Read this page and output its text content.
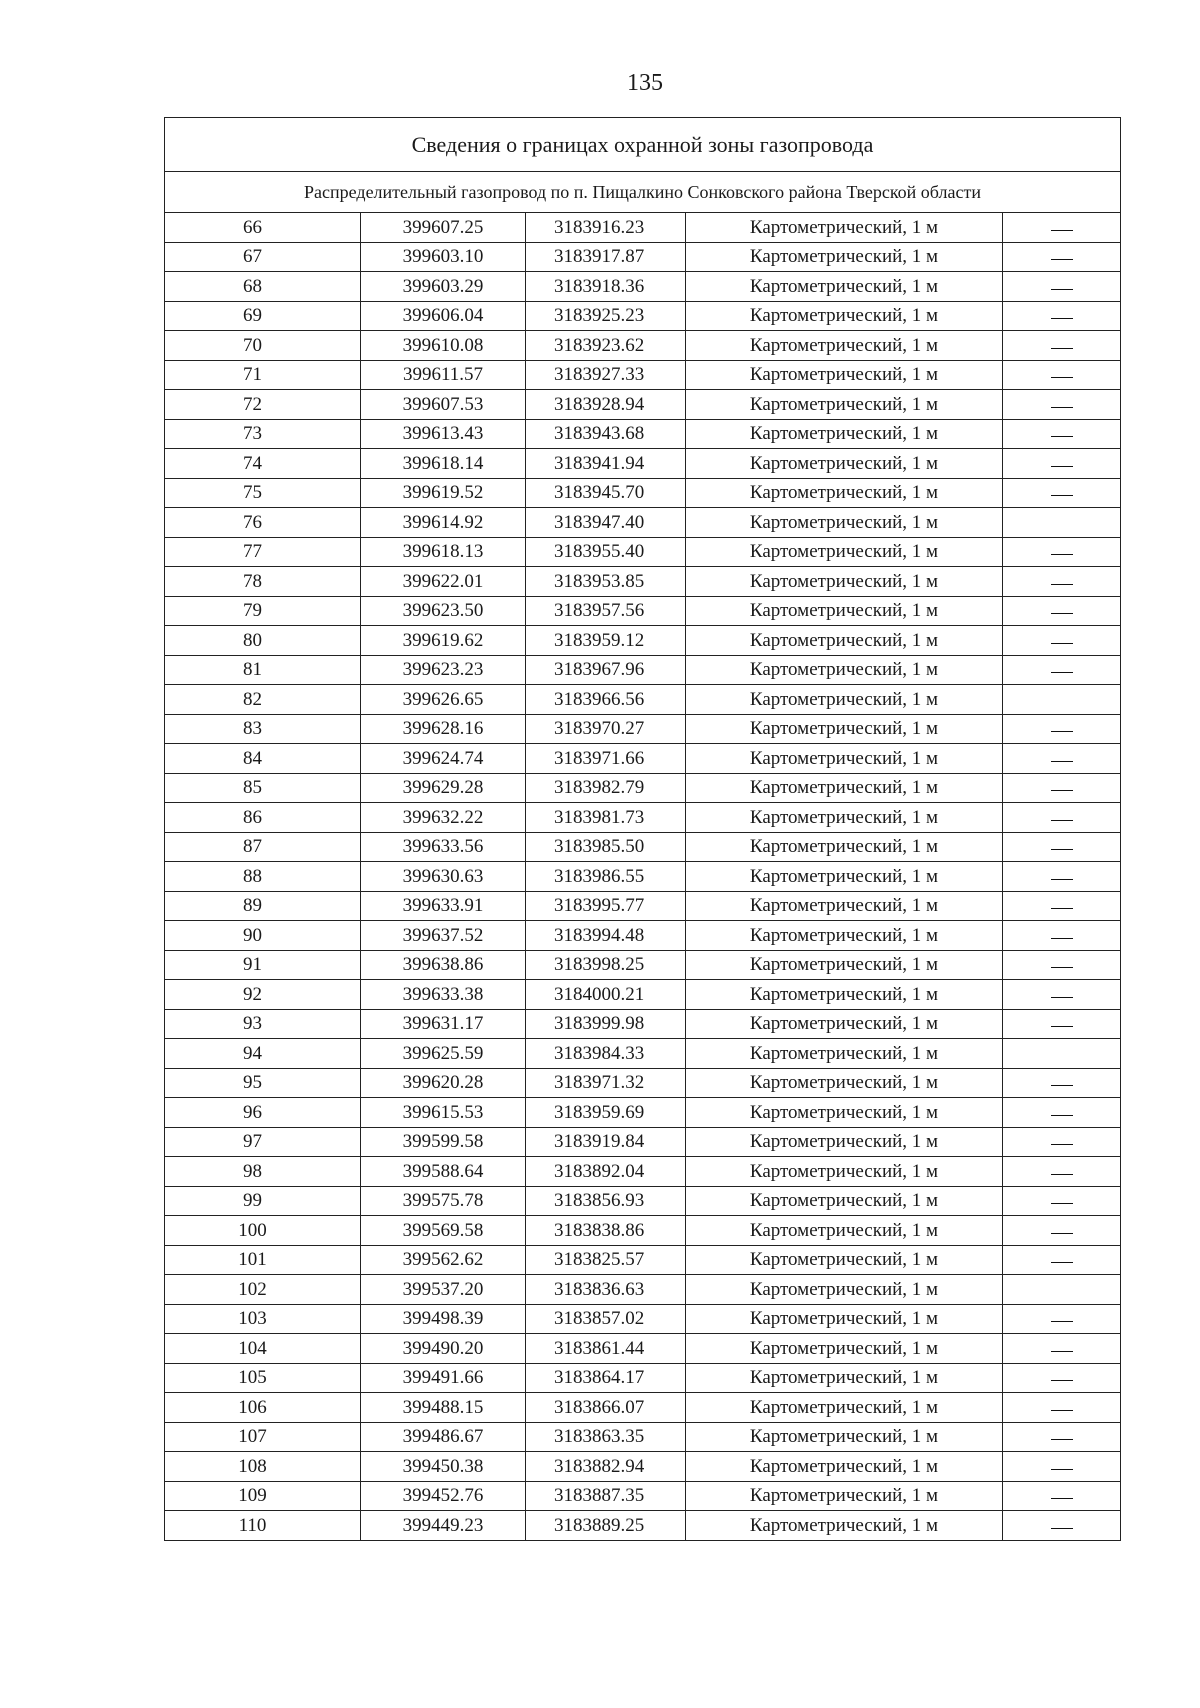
135
Сведения о границах охранной зоны газопровода				
Распределительный газопровод по п. Пищалкино Сонковского района Тверской области				
66	399607.25	3183916.23	Картометрический, 1 м	
67	399603.10	3183917.87	Картометрический, 1 м	
68	399603.29	3183918.36	Картометрический, 1 м	
69	399606.04	3183925.23	Картометрический, 1 м	
70	399610.08	3183923.62	Картометрический, 1 м	
71	399611.57	3183927.33	Картометрический, 1 м	
72	399607.53	3183928.94	Картометрический, 1 м	
73	399613.43	3183943.68	Картометрический, 1 м	
74	399618.14	3183941.94	Картометрический, 1 м	
75	399619.52	3183945.70	Картометрический, 1 м	
76	399614.92	3183947.40	Картометрический, 1 м	
77	399618.13	3183955.40	Картометрический, 1 м	
78	399622.01	3183953.85	Картометрический, 1 м	
79	399623.50	3183957.56	Картометрический, 1 м	
80	399619.62	3183959.12	Картометрический, 1 м	
81	399623.23	3183967.96	Картометрический, 1 м	
82	399626.65	3183966.56	Картометрический, 1 м	
83	399628.16	3183970.27	Картометрический, 1 м	
84	399624.74	3183971.66	Картометрический, 1 м	
85	399629.28	3183982.79	Картометрический, 1 м	
86	399632.22	3183981.73	Картометрический, 1 м	
87	399633.56	3183985.50	Картометрический, 1 м	
88	399630.63	3183986.55	Картометрический, 1 м	
89	399633.91	3183995.77	Картометрический, 1 м	
90	399637.52	3183994.48	Картометрический, 1 м	
91	399638.86	3183998.25	Картометрический, 1 м	
92	399633.38	3184000.21	Картометрический, 1 м	
93	399631.17	3183999.98	Картометрический, 1 м	
94	399625.59	3183984.33	Картометрический, 1 м	
95	399620.28	3183971.32	Картометрический, 1 м	
96	399615.53	3183959.69	Картометрический, 1 м	
97	399599.58	3183919.84	Картометрический, 1 м	
98	399588.64	3183892.04	Картометрический, 1 м	
99	399575.78	3183856.93	Картометрический, 1 м	
100	399569.58	3183838.86	Картометрический, 1 м	
101	399562.62	3183825.57	Картометрический, 1 м	
102	399537.20	3183836.63	Картометрический, 1 м	
103	399498.39	3183857.02	Картометрический, 1 м	
104	399490.20	3183861.44	Картометрический, 1 м	
105	399491.66	3183864.17	Картометрический, 1 м	
106	399488.15	3183866.07	Картометрический, 1 м	
107	399486.67	3183863.35	Картометрический, 1 м	
108	399450.38	3183882.94	Картометрический, 1 м	
109	399452.76	3183887.35	Картометрический, 1 м	
110	399449.23	3183889.25	Картометрический, 1 м	
